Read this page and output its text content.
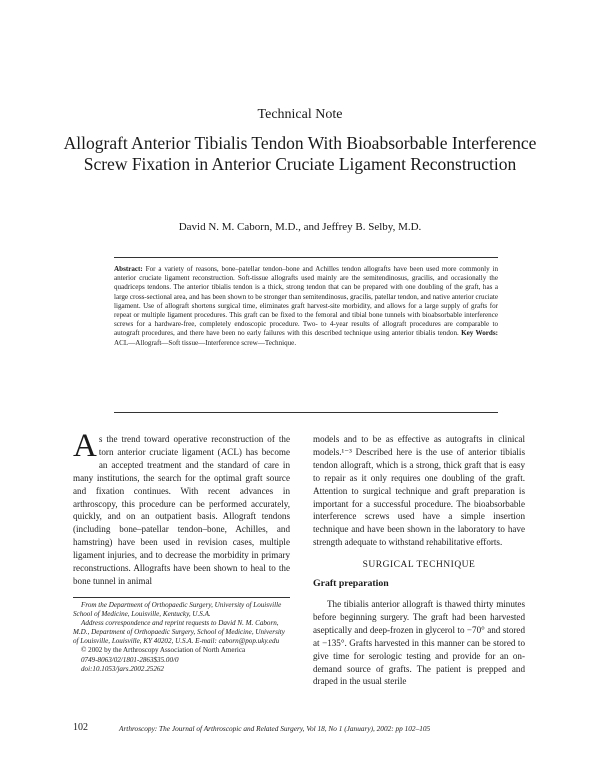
Technical Note
Allograft Anterior Tibialis Tendon With Bioabsorbable Interference Screw Fixation in Anterior Cruciate Ligament Reconstruction
David N. M. Caborn, M.D., and Jeffrey B. Selby, M.D.
Abstract: For a variety of reasons, bone–patellar tendon–bone and Achilles tendon allografts have been used more commonly in anterior cruciate ligament reconstruction. Soft-tissue allografts used mainly are the semitendinosus, gracilis, and occasionally the quadriceps tendons. The anterior tibialis tendon is a thick, strong tendon that can be prepared with one doubling of the graft, has a large cross-sectional area, and has been shown to be stronger than semitendinosus, gracilis, patellar tendon, and native anterior cruciate ligament. Use of allograft shortens surgical time, eliminates graft harvest-site morbidity, and allows for a large supply of grafts for repeat or multiple ligament procedures. This graft can be fixed to the femoral and tibial bone tunnels with bioabsorbable interference screws for a hardware-free, completely endoscopic procedure. Two- to 4-year results of allograft procedures are comparable to autograft procedures, and there have been no early failures with this described technique using anterior tibialis tendon. Key Words: ACL—Allograft—Soft tissue—Interference screw—Technique.
As the trend toward operative reconstruction of the torn anterior cruciate ligament (ACL) has become an accepted treatment and the standard of care in many institutions, the search for the optimal graft source and fixation continues. With recent advances in arthroscopy, this procedure can be performed accurately, quickly, and on an outpatient basis. Allograft tendons (including bone–patellar tendon–bone, Achilles, and hamstring) have been used in revision cases, multiple ligament injuries, and to decrease the morbidity in primary reconstructions. Allografts have been shown to heal to the bone tunnel in animal
models and to be as effective as autografts in clinical models.¹⁻³ Described here is the use of anterior tibialis tendon allograft, which is a strong, thick graft that is easy to repair as it only requires one doubling of the graft. Attention to surgical technique and graft preparation is important for a successful procedure. The bioabsorbable interference screws used have a simple insertion technique and have been shown in the laboratory to have strength adequate to withstand rehabilitative efforts.
SURGICAL TECHNIQUE
Graft preparation
The tibialis anterior allograft is thawed thirty minutes before beginning surgery. The graft had been harvested aseptically and deep-frozen in glycerol to −70° and stored at −135°. Grafts harvested in this manner can be stored to give time for serologic testing and provide for an on-demand source of grafts. The patient is prepped and draped in the usual sterile

From the Department of Orthopaedic Surgery, University of Louisville School of Medicine, Louisville, Kentucky, U.S.A.

Address correspondence and reprint requests to David N. M. Caborn, M.D., Department of Orthopaedic Surgery, School of Medicine, University of Louisville, Louisville, KY 40202, U.S.A. E-mail: caborn@pop.uky.edu

© 2002 by the Arthroscopy Association of North America

0749-8063/02/1801-2863$35.00/0

doi:10.1053/jars.2002.25262

102	Arthroscopy: The Journal of Arthroscopic and Related Surgery, Vol 18, No 1 (January), 2002: pp 102–105
